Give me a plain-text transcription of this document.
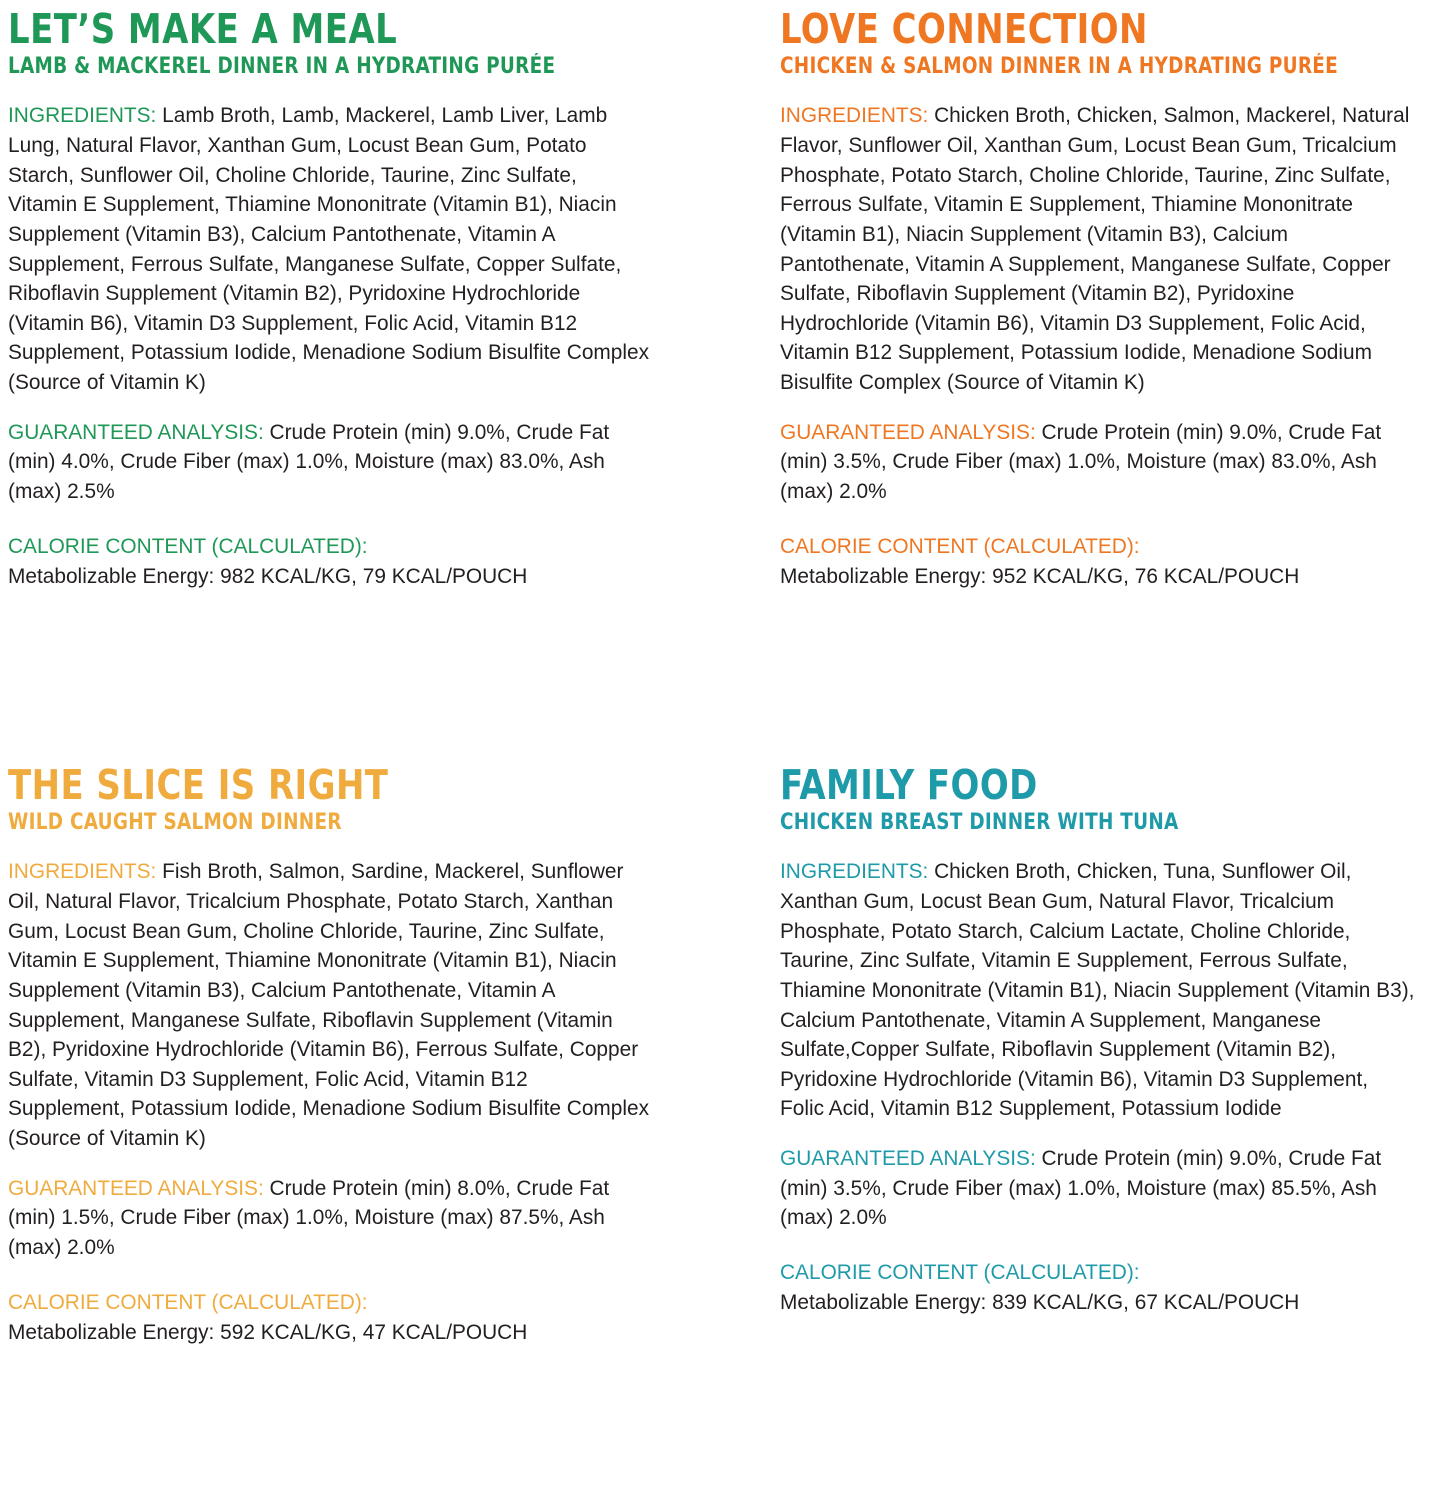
LET’S MAKE A MEAL
LAMB & MACKEREL DINNER IN A HYDRATING PURÉE

INGREDIENTS: Lamb Broth, Lamb, Mackerel, Lamb Liver, Lamb Lung, Natural Flavor, Xanthan Gum, Locust Bean Gum, Potato Starch, Sunflower Oil, Choline Chloride, Taurine, Zinc Sulfate, Vitamin E Supplement, Thiamine Mononitrate (Vitamin B1), Niacin Supplement (Vitamin B3), Calcium Pantothenate, Vitamin A Supplement, Ferrous Sulfate, Manganese Sulfate, Copper Sulfate, Riboflavin Supplement (Vitamin B2), Pyridoxine Hydrochloride (Vitamin B6), Vitamin D3 Supplement, Folic Acid, Vitamin B12 Supplement, Potassium Iodide, Menadione Sodium Bisulfite Complex (Source of Vitamin K)

GUARANTEED ANALYSIS: Crude Protein (min) 9.0%, Crude Fat (min) 4.0%, Crude Fiber (max) 1.0%, Moisture (max) 83.0%, Ash (max) 2.5%

CALORIE CONTENT (CALCULATED):

Metabolizable Energy: 982 KCAL/KG, 79 KCAL/POUCH

LOVE CONNECTION
CHICKEN & SALMON DINNER IN A HYDRATING PURÉE

INGREDIENTS: Chicken Broth, Chicken, Salmon, Mackerel, Natural Flavor, Sunflower Oil, Xanthan Gum, Locust Bean Gum, Tricalcium Phosphate, Potato Starch, Choline Chloride, Taurine, Zinc Sulfate, Ferrous Sulfate, Vitamin E Supplement, Thiamine Mononitrate (Vitamin B1), Niacin Supplement (Vitamin B3), Calcium Pantothenate, Vitamin A Supplement, Manganese Sulfate, Copper Sulfate, Riboflavin Supplement (Vitamin B2), Pyridoxine Hydrochloride (Vitamin B6), Vitamin D3 Supplement, Folic Acid, Vitamin B12 Supplement, Potassium Iodide, Menadione Sodium Bisulfite Complex (Source of Vitamin K)

GUARANTEED ANALYSIS: Crude Protein (min) 9.0%, Crude Fat (min) 3.5%, Crude Fiber (max) 1.0%, Moisture (max) 83.0%, Ash (max) 2.0%

CALORIE CONTENT (CALCULATED):

Metabolizable Energy: 952 KCAL/KG, 76 KCAL/POUCH

THE SLICE IS RIGHT
WILD CAUGHT SALMON DINNER

INGREDIENTS: Fish Broth, Salmon, Sardine, Mackerel, Sunflower Oil, Natural Flavor, Tricalcium Phosphate, Potato Starch, Xanthan Gum, Locust Bean Gum, Choline Chloride, Taurine, Zinc Sulfate, Vitamin E Supplement, Thiamine Mononitrate (Vitamin B1), Niacin Supplement (Vitamin B3), Calcium Pantothenate, Vitamin A Supplement, Manganese Sulfate, Riboflavin Supplement (Vitamin B2), Pyridoxine Hydrochloride (Vitamin B6), Ferrous Sulfate, Copper Sulfate, Vitamin D3 Supplement, Folic Acid, Vitamin B12 Supplement, Potassium Iodide, Menadione Sodium Bisulfite Complex (Source of Vitamin K)

GUARANTEED ANALYSIS: Crude Protein (min) 8.0%, Crude Fat (min) 1.5%, Crude Fiber (max) 1.0%, Moisture (max) 87.5%, Ash (max) 2.0%

CALORIE CONTENT (CALCULATED):

Metabolizable Energy: 592 KCAL/KG, 47 KCAL/POUCH

FAMILY FOOD
CHICKEN BREAST DINNER WITH TUNA

INGREDIENTS: Chicken Broth, Chicken, Tuna, Sunflower Oil, Xanthan Gum, Locust Bean Gum, Natural Flavor, Tricalcium Phosphate, Potato Starch, Calcium Lactate, Choline Chloride, Taurine, Zinc Sulfate, Vitamin E Supplement, Ferrous Sulfate, Thiamine Mononitrate (Vitamin B1), Niacin Supplement (Vitamin B3), Calcium Pantothenate, Vitamin A Supplement, Manganese Sulfate,Copper Sulfate, Riboflavin Supplement (Vitamin B2), Pyridoxine Hydrochloride (Vitamin B6), Vitamin D3 Supplement, Folic Acid, Vitamin B12 Supplement, Potassium Iodide

GUARANTEED ANALYSIS: Crude Protein (min) 9.0%, Crude Fat (min) 3.5%, Crude Fiber (max) 1.0%, Moisture (max) 85.5%, Ash (max) 2.0%

CALORIE CONTENT (CALCULATED):

Metabolizable Energy: 839 KCAL/KG, 67 KCAL/POUCH
